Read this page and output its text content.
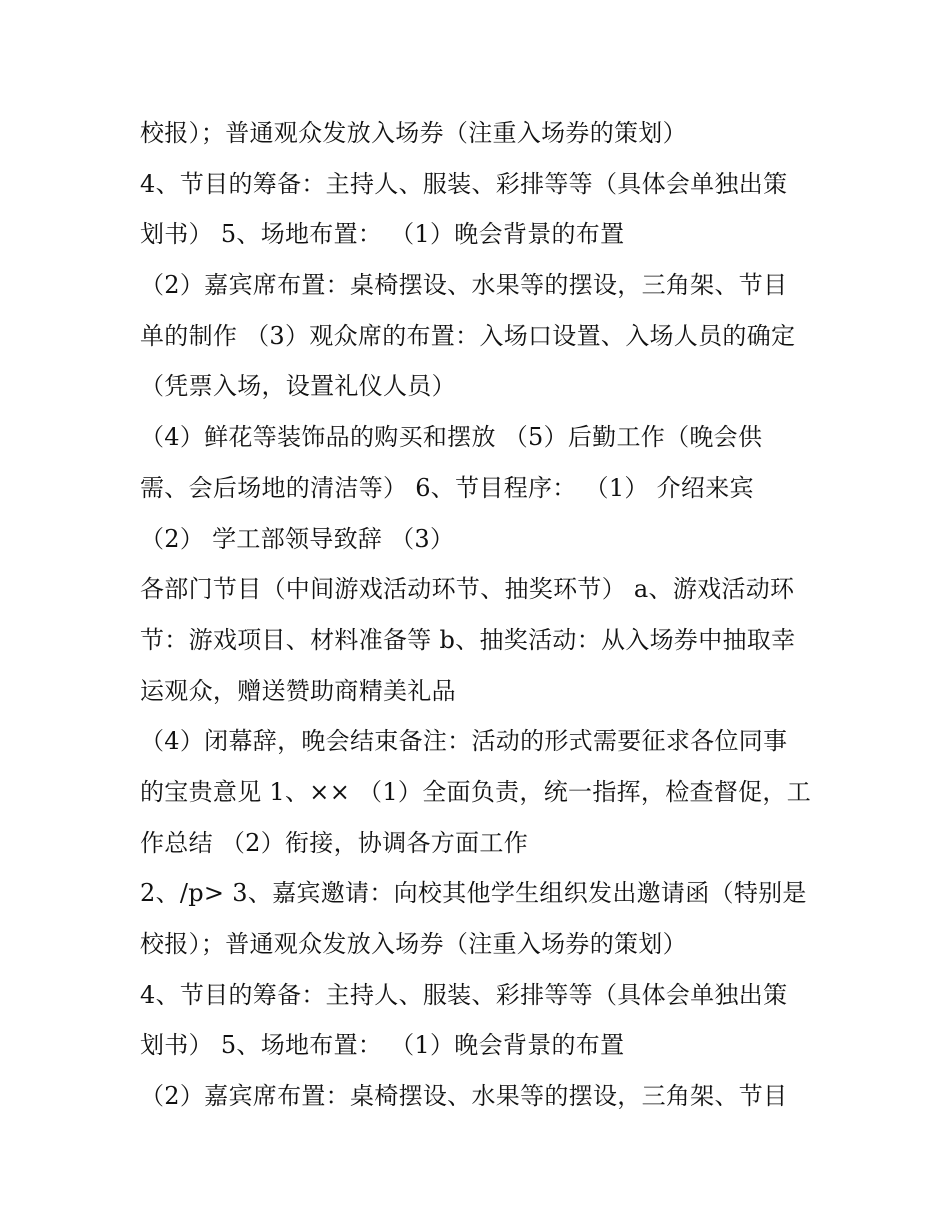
校报）；普通观众发放入场券（注重入场券的策划）
4、节目的筹备：主持人、服装、彩排等等（具体会单独出策
划书） 5、场地布置： （1）晚会背景的布置
（2）嘉宾席布置：桌椅摆设、水果等的摆设，三角架、节目
单的制作 （3）观众席的布置：入场口设置、入场人员的确定
（凭票入场，设置礼仪人员）
（4）鲜花等装饰品的购买和摆放 （5）后勤工作（晚会供
需、会后场地的清洁等） 6、节目程序： （1） 介绍来宾
（2） 学工部领导致辞 （3）
各部门节目（中间游戏活动环节、抽奖环节） a、游戏活动环
节：游戏项目、材料准备等 b、抽奖活动：从入场券中抽取幸
运观众，赠送赞助商精美礼品
（4）闭幕辞，晚会结束备注：活动的形式需要征求各位同事
的宝贵意见 1、×× （1）全面负责，统一指挥，检查督促，工
作总结 （2）衔接，协调各方面工作
2、/p> 3、嘉宾邀请：向校其他学生组织发出邀请函（特别是
校报）；普通观众发放入场券（注重入场券的策划）
4、节目的筹备：主持人、服装、彩排等等（具体会单独出策
划书） 5、场地布置： （1）晚会背景的布置
（2）嘉宾席布置：桌椅摆设、水果等的摆设，三角架、节目
